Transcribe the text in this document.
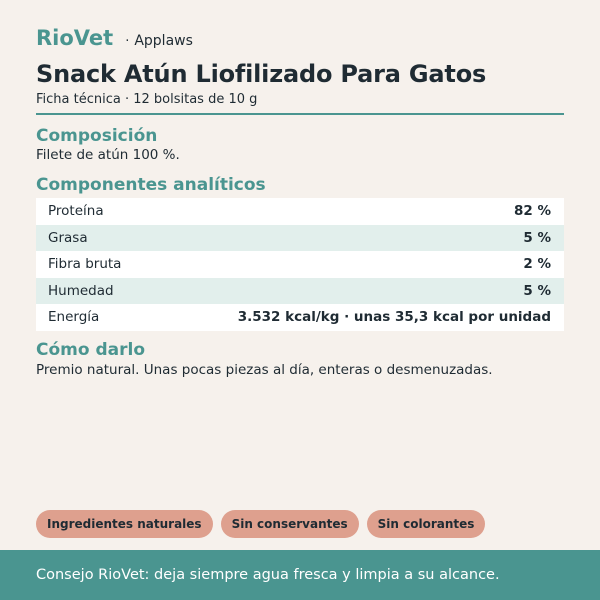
RioVet · Applaws
Snack Atún Liofilizado Para Gatos
Ficha técnica · 12 bolsitas de 10 g
Composición
Filete de atún 100 %.
Componentes analíticos
Proteína	82 %
Grasa	5 %
Fibra bruta	2 %
Humedad	5 %
Energía	3.532 kcal/kg · unas 35,3 kcal por unidad
Cómo darlo
Premio natural. Unas pocas piezas al día, enteras o desmenuzadas.
Ingredientes naturales	Sin conservantes	Sin colorantes
Consejo RioVet: deja siempre agua fresca y limpia a su alcance.
